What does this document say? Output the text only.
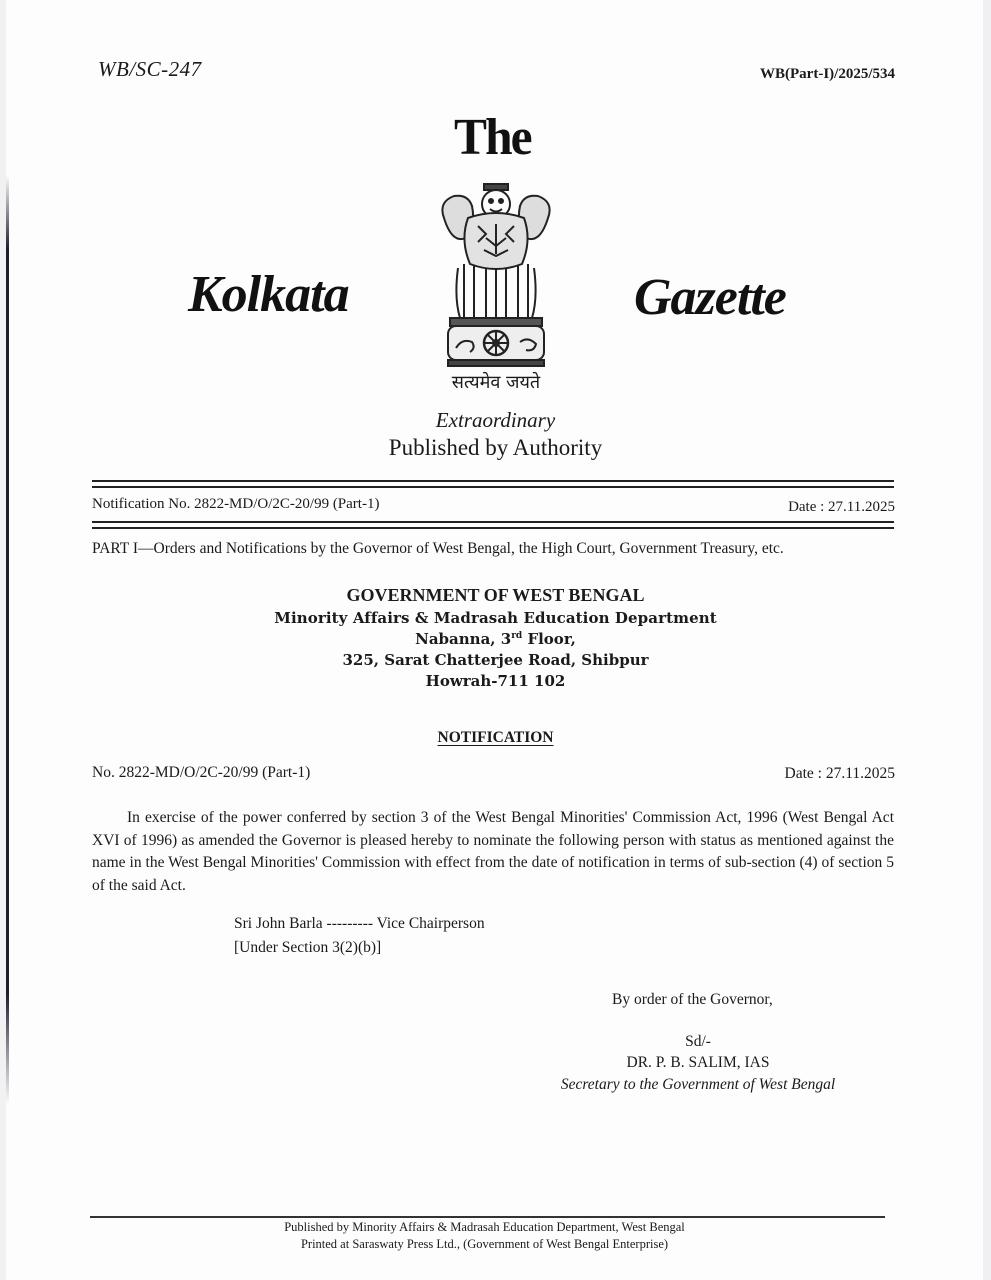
WB/SC-247	WB(Part-I)/2025/534
The
Kolkata	Gazette
सत्यमेव जयते
Extraordinary
Published by Authority
Notification No. 2822-MD/O/2C-20/99 (Part-1)	Date : 27.11.2025
PART I—Orders and Notifications by the Governor of West Bengal, the High Court, Government Treasury, etc.
GOVERNMENT OF WEST BENGAL
Minority Affairs & Madrasah Education Department
Nabanna, 3rd Floor,
325, Sarat Chatterjee Road, Shibpur
Howrah-711 102
NOTIFICATION
No. 2822-MD/O/2C-20/99 (Part-1)	Date : 27.11.2025
In exercise of the power conferred by section 3 of the West Bengal Minorities' Commission Act, 1996 (West Bengal Act XVI of 1996) as amended the Governor is pleased hereby to nominate the following person with status as mentioned against the name in the West Bengal Minorities' Commission with effect from the date of notification in terms of sub-section (4) of section 5 of the said Act.
Sri John Barla --------- Vice Chairperson
[Under Section 3(2)(b)]
By order of the Governor,
Sd/-
DR. P. B. SALIM, IAS
Secretary to the Government of West Bengal
Published by Minority Affairs & Madrasah Education Department, West Bengal
Printed at Saraswaty Press Ltd., (Government of West Bengal Enterprise)
